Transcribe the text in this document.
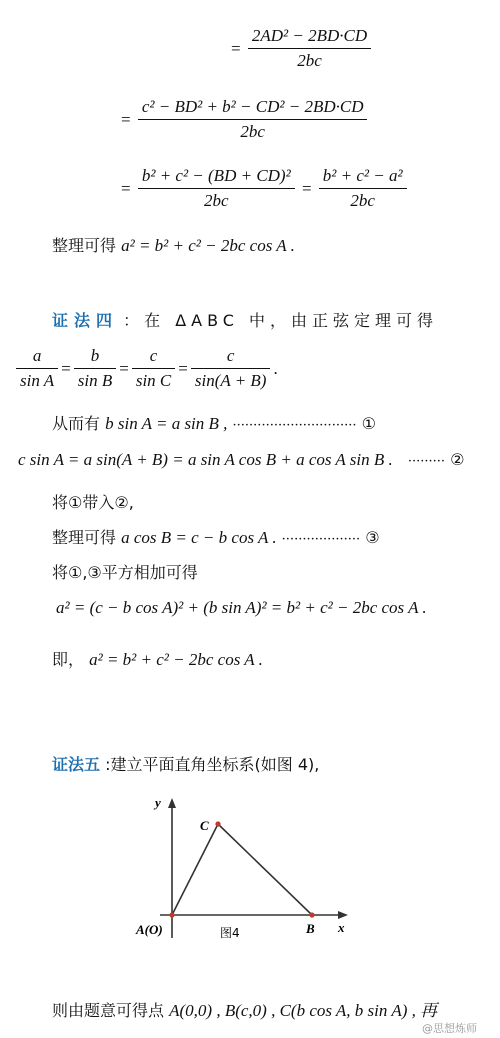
= $\frac{\text{2AD² − 2BD·CD}}{2bc}$
= $\frac{\text{c² − BD² + b² − CD² − 2BD·CD}}{2bc}$
= $\frac{\text{b² + c² − (BD + CD)²}}{2bc} = \frac{\text{b² + c² − a²}}{2bc}$
整理可得 a² = b² + c² − 2bc cos A .
证法四 ：在 ΔABC 中，由正弦定理可得
$\frac{a}{\text{sin A}} = \frac{b}{\text{sin B}} = \frac{c}{\text{sin C}} = \frac{c}{\sin(A + B)}$ .
从而有 b sin A = a sin B , ······························ ①
c sin A = a sin(A + B) = a sin A cos B + a cos A sin B . ········· ②
将①带入②,
整理可得 a cos B = c − b cos A . ··················· ③
将①,③平方相加可得
a² = (c − b cos A)² + (b sin A)² = b² + c² − 2bc cos A .
即， a² = b² + c² − 2bc cos A .
证法五 :建立平面直角坐标系(如图 4),
y
x
C
A(O)	B
图4
则由题意可得点 A(0,0) , B(c,0) , C(b cos A, b sin A) , 再
@思想炼师
